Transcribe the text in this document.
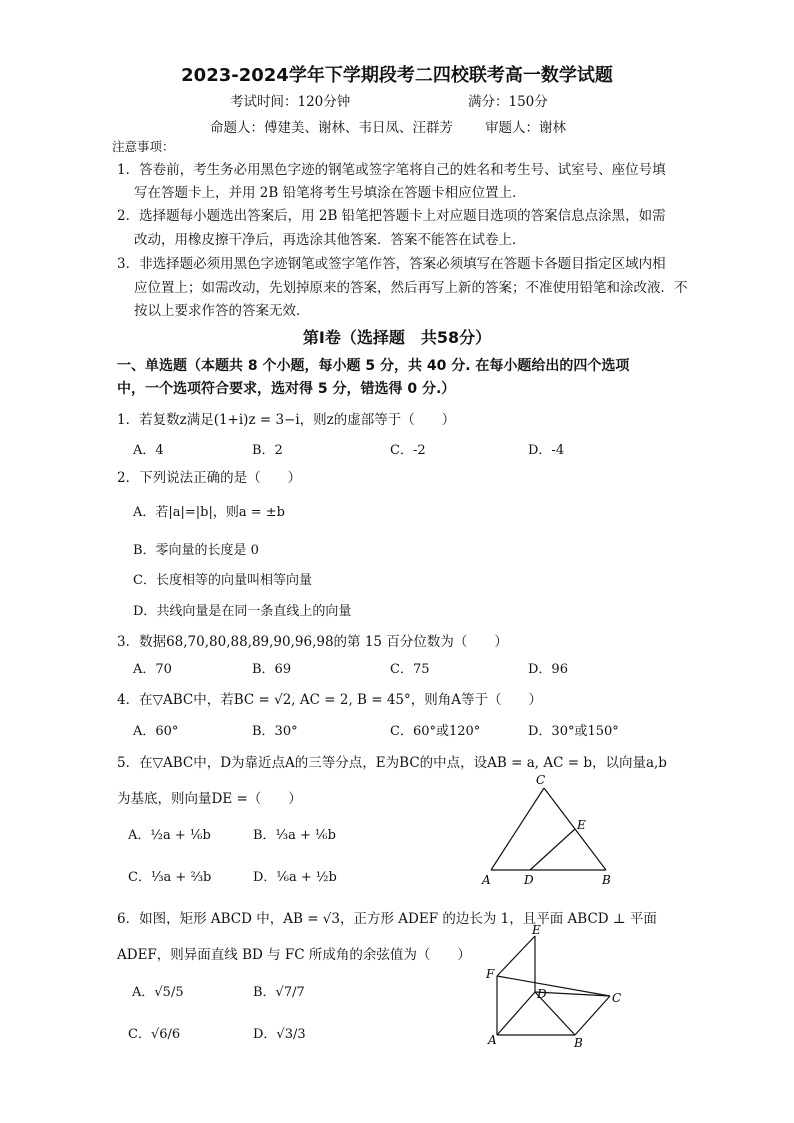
2023-2024学年下学期段考二四校联考高一数学试题
考试时间：120分钟	满分：150分
命题人：傅建美、谢林、韦日凤、汪群芳 审题人：谢林
注意事项：
1．答卷前，考生务必用黑色字迹的钢笔或签字笔将自己的姓名和考生号、试室号、座位号填
写在答题卡上，并用 2B 铅笔将考生号填涂在答题卡相应位置上．
2．选择题每小题选出答案后，用 2B 铅笔把答题卡上对应题目选项的答案信息点涂黑，如需
改动，用橡皮擦干净后，再选涂其他答案．答案不能答在试卷上．
3．非选择题必须用黑色字迹钢笔或签字笔作答，答案必须填写在答题卡各题目指定区域内相
应位置上；如需改动，先划掉原来的答案，然后再写上新的答案；不准使用铅笔和涂改液．不
按以上要求作答的答案无效．
第Ⅰ卷（选择题　共58分）
一、单选题（本题共 8 个小题，每小题 5 分，共 40 分. 在每小题给出的四个选项
中，一个选项符合要求，选对得 5 分，错选得 0 分.）
1．若复数z满足(1+i)z = 3−i，则z的虚部等于（　　）
A．4	B．2	C．-2	D．-4
2．下列说法正确的是（　　）
A．若|a|=|b|，则a = ±b
B．零向量的长度是 0
C．长度相等的向量叫相等向量
D．共线向量是在同一条直线上的向量
3．数据68,70,80,88,89,90,96,98的第 15 百分位数为（　　）
A．70	B．69	C．75	D．96
4．在▽ABC中，若BC = √2, AC = 2, B = 45°，则角A等于（　　）
A．60°	B．30°	C．60°或120°	D．30°或150°
5．在▽ABC中，D为靠近点A的三等分点，E为BC的中点，设AB = a, AC = b，以向量a,b
为基底，则向量DE =（　　）
A．½a + ⅙b	B．⅓a + ⅙b
C．⅓a + ⅔b	D．⅙a + ½b	A	B
C
D
E
6．如图，矩形 ABCD 中，AB = √3，正方形 ADEF 的边长为 1，且平面 ABCD ⊥ 平面
ADEF，则异面直线 BD 与 FC 所成角的余弦值为（　　）
A．√5/5	B．√7/7
C．√6/6	D．√3/3	A	B
C
D
E
F
